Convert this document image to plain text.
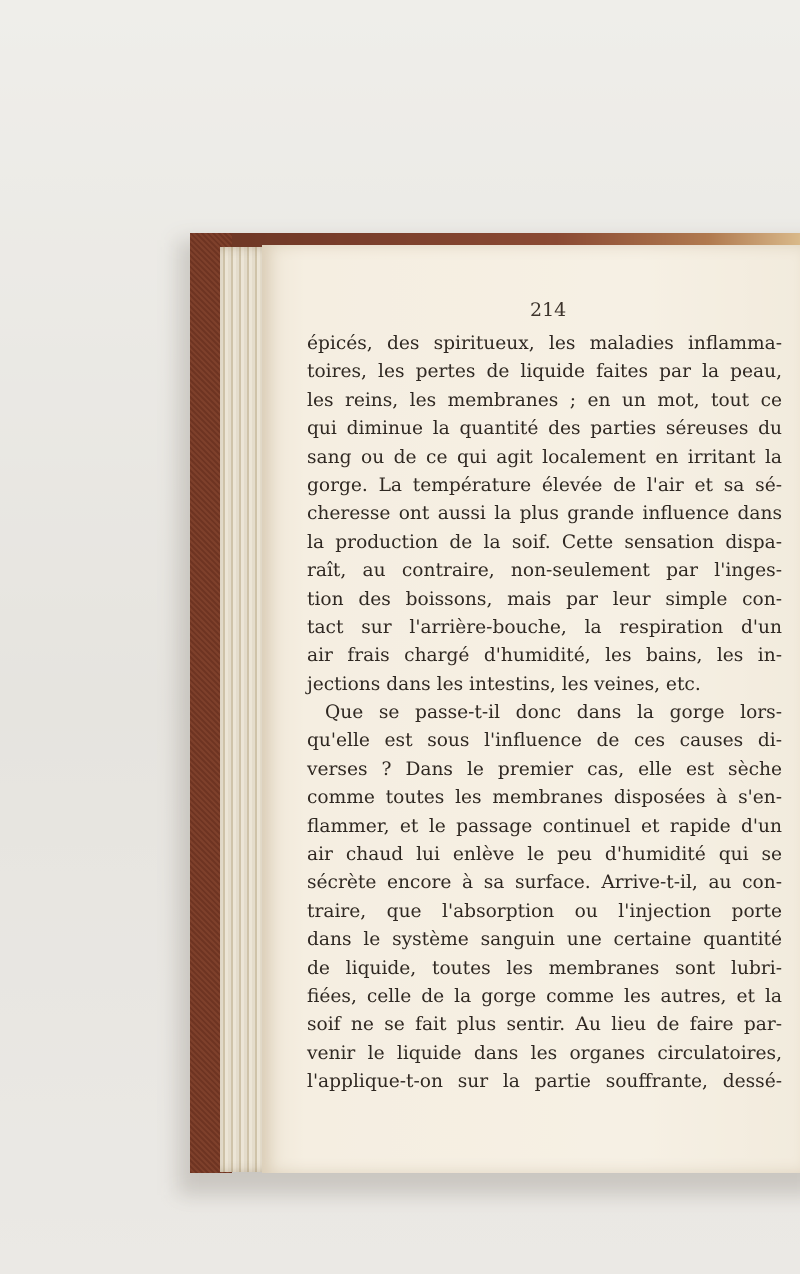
214
épicés, des spiritueux, les maladies inflamma-
toires, les pertes de liquide faites par la peau,
les reins, les membranes ; en un mot, tout ce
qui diminue la quantité des parties séreuses du
sang ou de ce qui agit localement en irritant la
gorge. La température élevée de l'air et sa sé-
cheresse ont aussi la plus grande influence dans
la production de la soif. Cette sensation dispa-
raît, au contraire, non-seulement par l'inges-
tion des boissons, mais par leur simple con-
tact sur l'arrière-bouche, la respiration d'un
air frais chargé d'humidité, les bains, les in-
jections dans les intestins, les veines, etc.
Que se passe-t-il donc dans la gorge lors-
qu'elle est sous l'influence de ces causes di-
verses ? Dans le premier cas, elle est sèche
comme toutes les membranes disposées à s'en-
flammer, et le passage continuel et rapide d'un
air chaud lui enlève le peu d'humidité qui se
sécrète encore à sa surface. Arrive-t-il, au con-
traire, que l'absorption ou l'injection porte
dans le système sanguin une certaine quantité
de liquide, toutes les membranes sont lubri-
fiées, celle de la gorge comme les autres, et la
soif ne se fait plus sentir. Au lieu de faire par-
venir le liquide dans les organes circulatoires,
l'applique-t-on sur la partie souffrante, dessé-
